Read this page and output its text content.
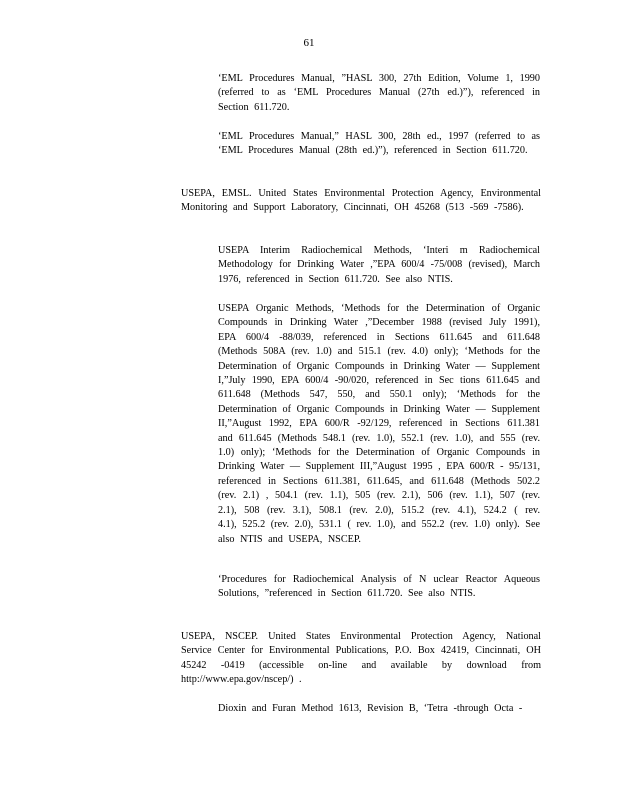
61

‘EML Procedures Manual, ”HASL 300, 27th Edition, Volume 1, 1990 (referred to as ‘EML Procedures Manual (27th ed.)”), referenced in Section 611.720.

‘EML Procedures Manual,” HASL 300, 28th ed., 1997 (referred to as ‘EML Procedures Manual (28th ed.)”), referenced in Section 611.720.

USEPA, EMSL. United States Environmental Protection Agency, Environmental Monitoring and Support Laboratory, Cincinnati, OH 45268 (513 -569 -7586).

USEPA Interim Radiochemical Methods, ‘Interi m Radiochemical Methodology for Drinking Water ,”EPA 600/4 -75/008 (revised), March 1976, referenced in Section 611.720. See also NTIS.

USEPA Organic Methods, ‘Methods for the Determination of Organic Compounds in Drinking Water ,”December 1988 (revised July 1991), EPA 600/4 -88/039, referenced in Sections 611.645 and 611.648 (Methods 508A (rev. 1.0) and 515.1 (rev. 4.0) only); ‘Methods for the Determination of Organic Compounds in Drinking Water — Supplement I,”July 1990, EPA 600/4 -90/020, referenced in Sec tions 611.645 and 611.648 (Methods 547, 550, and 550.1 only); ‘Methods for the Determination of Organic Compounds in Drinking Water — Supplement II,”August 1992, EPA 600/R -92/129, referenced in Sections 611.381 and 611.645 (Methods 548.1 (rev. 1.0), 552.1 (rev. 1.0), and 555 (rev. 1.0) only); ‘Methods for the Determination of Organic Compounds in Drinking Water — Supplement III,”August 1995 , EPA 600/R - 95/131, referenced in Sections 611.381, 611.645, and 611.648 (Methods 502.2 (rev. 2.1) , 504.1 (rev. 1.1), 505 (rev. 2.1), 506 (rev. 1.1), 507 (rev. 2.1), 508 (rev. 3.1), 508.1 (rev. 2.0), 515.2 (rev. 4.1), 524.2 ( rev. 4.1), 525.2 (rev. 2.0), 531.1 ( rev. 1.0), and 552.2 (rev. 1.0) only). See also NTIS and USEPA, NSCEP.

‘Procedures for Radiochemical Analysis of N uclear Reactor Aqueous Solutions, ”referenced in Section 611.720. See also NTIS.

USEPA, NSCEP. United States Environmental Protection Agency, National Service Center for Environmental Publications, P.O. Box 42419, Cincinnati, OH 45242 -0419 (accessible on-line and available by download from http://www.epa.gov/nscep/) .

Dioxin and Furan Method 1613, Revision B, ‘Tetra -through Octa -
